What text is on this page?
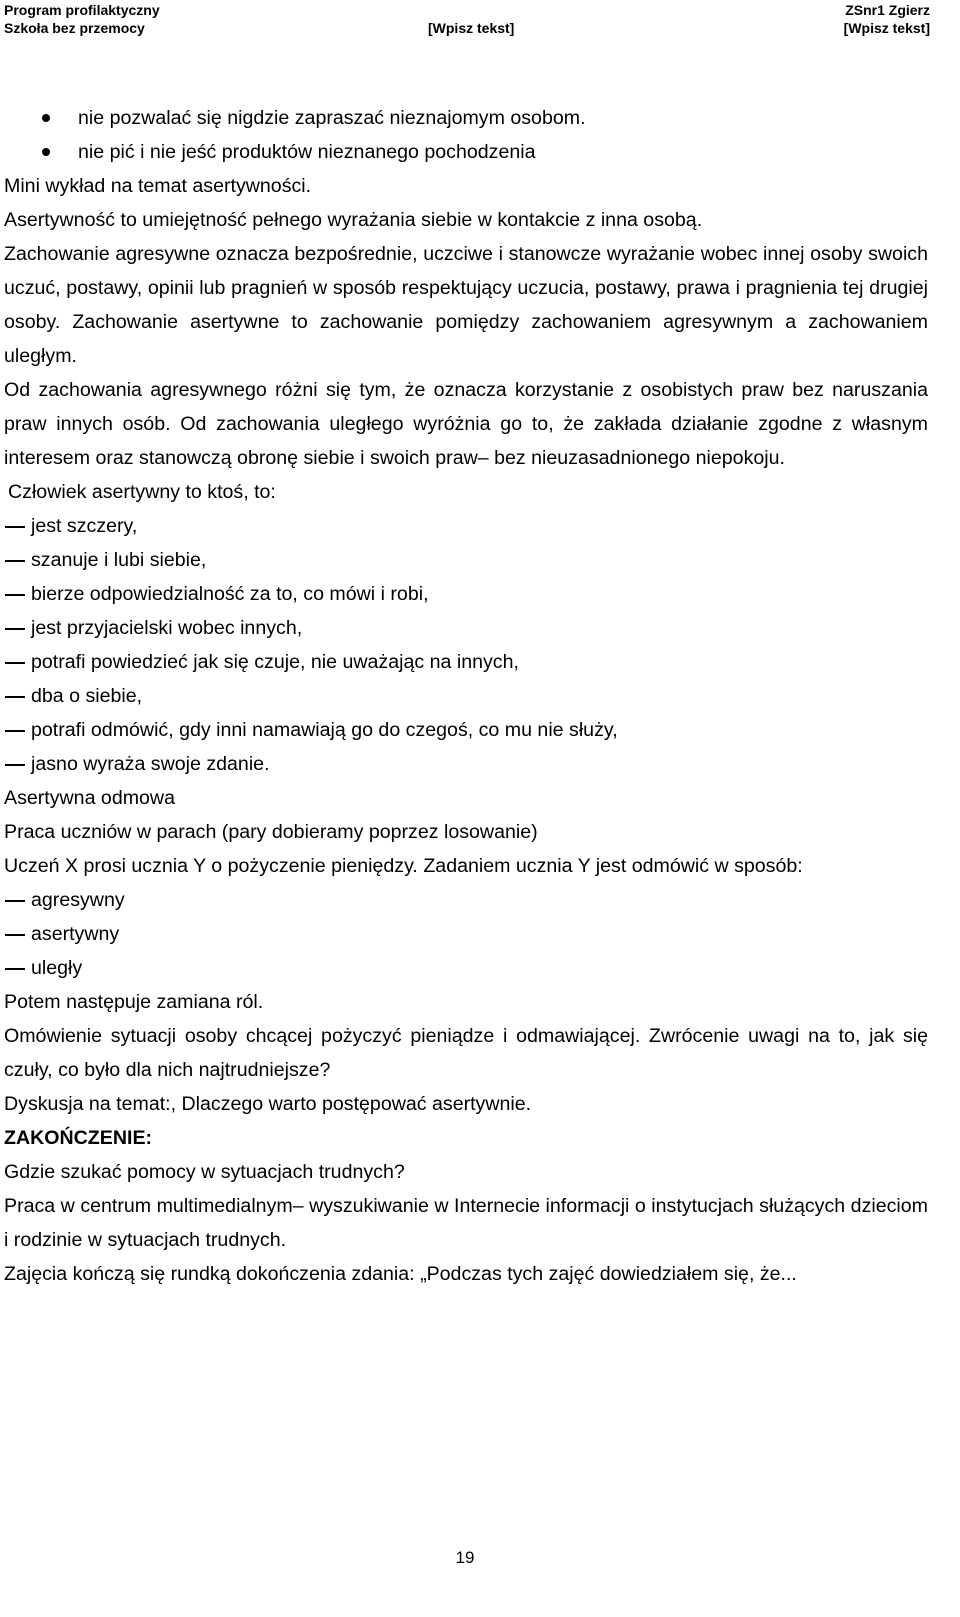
Program profilaktyczny
Szkoła bez przemocy	[Wpisz tekst]
ZSnr1 Zgierz
[Wpisz tekst]
nie pozwalać się nigdzie zapraszać nieznajomym osobom.
nie pić i nie jeść produktów nieznanego pochodzenia
Mini wykład na temat asertywności.
Asertywność to umiejętność pełnego wyrażania siebie w kontakcie z inna osobą.
Zachowanie agresywne oznacza bezpośrednie, uczciwe i stanowcze wyrażanie wobec innej osoby swoich uczuć, postawy, opinii lub pragnień w sposób respektujący uczucia, postawy, prawa i pragnienia tej drugiej osoby. Zachowanie asertywne to zachowanie pomiędzy zachowaniem agresywnym a zachowaniem uległym.
Od zachowania agresywnego różni się tym, że oznacza korzystanie z osobistych praw bez naruszania praw innych osób. Od zachowania uległego wyróżnia go to, że zakłada działanie zgodne z własnym interesem oraz stanowczą obronę siebie i swoich praw– bez nieuzasadnionego niepokoju.
Człowiek asertywny to ktoś, to:
jest szczery,
szanuje i lubi siebie,
bierze odpowiedzialność za to, co mówi i robi,
jest przyjacielski wobec innych,
potrafi powiedzieć jak się czuje, nie uważając na innych,
dba o siebie,
potrafi odmówić, gdy inni namawiają go do czegoś, co mu nie służy,
jasno wyraża swoje zdanie.
Asertywna odmowa
Praca uczniów w parach (pary dobieramy poprzez losowanie)
Uczeń X prosi ucznia Y o pożyczenie pieniędzy. Zadaniem ucznia Y jest odmówić w sposób:
agresywny
asertywny
uległy
Potem następuje zamiana ról.
Omówienie sytuacji osoby chcącej pożyczyć pieniądze i odmawiającej. Zwrócenie uwagi na to, jak się czuły, co było dla nich najtrudniejsze?
Dyskusja na temat:, Dlaczego warto postępować asertywnie.
ZAKOŃCZENIE:
Gdzie szukać pomocy w sytuacjach trudnych?
Praca w centrum multimedialnym– wyszukiwanie w Internecie informacji o instytucjach służących dzieciom i rodzinie w sytuacjach trudnych.
Zajęcia kończą się rundką dokończenia zdania: „Podczas tych zajęć dowiedziałem się, że...
19
